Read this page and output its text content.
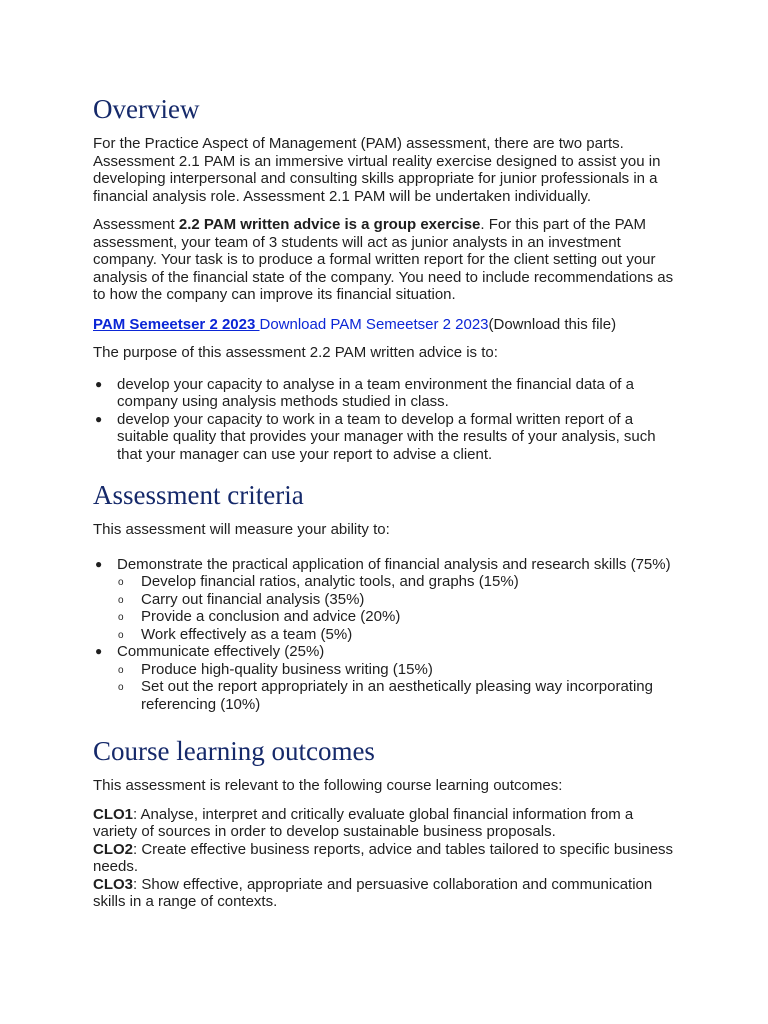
Overview

For the Practice Aspect of Management (PAM) assessment, there are two parts. Assessment 2.1 PAM is an immersive virtual reality exercise designed to assist you in developing interpersonal and consulting skills appropriate for junior professionals in a financial analysis role. Assessment 2.1 PAM will be undertaken individually.

Assessment 2.2 PAM written advice is a group exercise. For this part of the PAM assessment, your team of 3 students will act as junior analysts in an investment company. Your task is to produce a formal written report for the client setting out your analysis of the financial state of the company. You need to include recommendations as to how the company can improve its financial situation.

PAM Semeetser 2 2023 Download PAM Semeetser 2 2023(Download this file)

The purpose of this assessment 2.2 PAM written advice is to:

● develop your capacity to analyse in a team environment the financial data of a company using analysis methods studied in class.
● develop your capacity to work in a team to develop a formal written report of a suitable quality that provides your manager with the results of your analysis, such that your manager can use your report to advise a client.
Assessment criteria

This assessment will measure your ability to:

● Demonstrate the practical application of financial analysis and research skills (75%)
o Develop financial ratios, analytic tools, and graphs (15%)
o Carry out financial analysis (35%)
o Provide a conclusion and advice (20%)
o Work effectively as a team (5%)
● Communicate effectively (25%)
o Produce high-quality business writing (15%)
o Set out the report appropriately in an aesthetically pleasing way incorporating referencing (10%)
Course learning outcomes

This assessment is relevant to the following course learning outcomes:

CLO1: Analyse, interpret and critically evaluate global financial information from a variety of sources in order to develop sustainable business proposals.

CLO2: Create effective business reports, advice and tables tailored to specific business needs.

CLO3: Show effective, appropriate and persuasive collaboration and communication skills in a range of contexts.
